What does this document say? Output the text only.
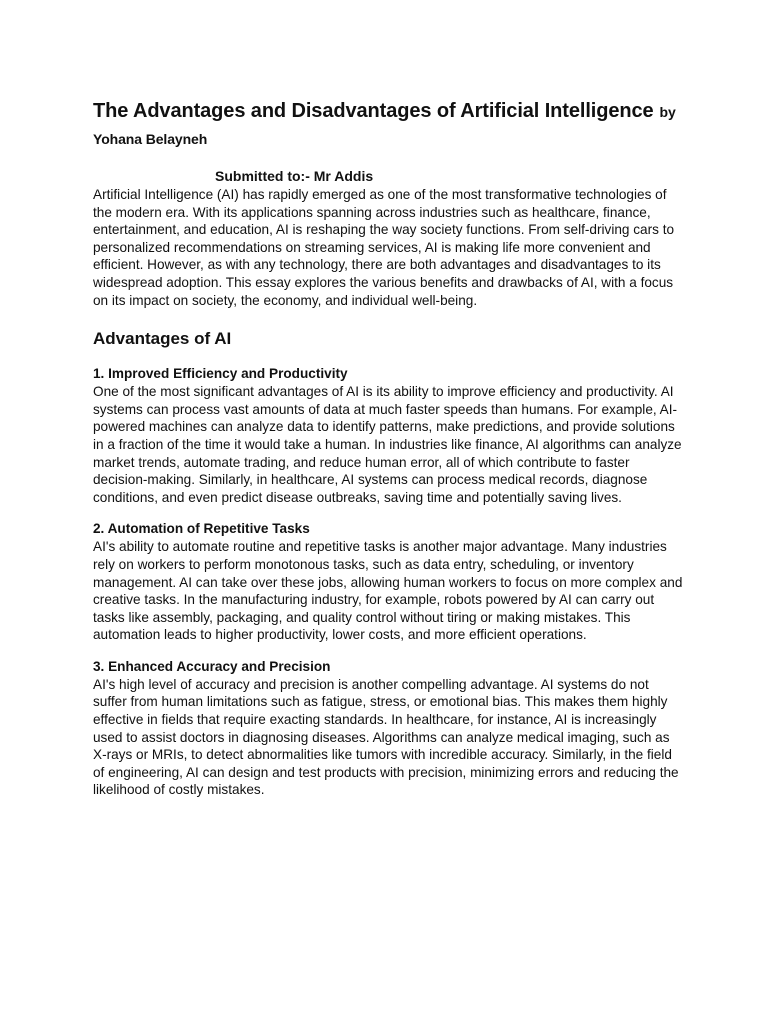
The Advantages and Disadvantages of Artificial Intelligence by Yohana Belayneh
Submitted to:- Mr Addis

Artificial Intelligence (AI) has rapidly emerged as one of the most transformative technologies of the modern era. With its applications spanning across industries such as healthcare, finance, entertainment, and education, AI is reshaping the way society functions. From self-driving cars to personalized recommendations on streaming services, AI is making life more convenient and efficient. However, as with any technology, there are both advantages and disadvantages to its widespread adoption. This essay explores the various benefits and drawbacks of AI, with a focus on its impact on society, the economy, and individual well-being.

Advantages of AI
1. Improved Efficiency and Productivity

One of the most significant advantages of AI is its ability to improve efficiency and productivity. AI systems can process vast amounts of data at much faster speeds than humans. For example, AI-powered machines can analyze data to identify patterns, make predictions, and provide solutions in a fraction of the time it would take a human. In industries like finance, AI algorithms can analyze market trends, automate trading, and reduce human error, all of which contribute to faster decision-making. Similarly, in healthcare, AI systems can process medical records, diagnose conditions, and even predict disease outbreaks, saving time and potentially saving lives.

2. Automation of Repetitive Tasks

AI's ability to automate routine and repetitive tasks is another major advantage. Many industries rely on workers to perform monotonous tasks, such as data entry, scheduling, or inventory management. AI can take over these jobs, allowing human workers to focus on more complex and creative tasks. In the manufacturing industry, for example, robots powered by AI can carry out tasks like assembly, packaging, and quality control without tiring or making mistakes. This automation leads to higher productivity, lower costs, and more efficient operations.

3. Enhanced Accuracy and Precision

AI's high level of accuracy and precision is another compelling advantage. AI systems do not suffer from human limitations such as fatigue, stress, or emotional bias. This makes them highly effective in fields that require exacting standards. In healthcare, for instance, AI is increasingly used to assist doctors in diagnosing diseases. Algorithms can analyze medical imaging, such as X-rays or MRIs, to detect abnormalities like tumors with incredible accuracy. Similarly, in the field of engineering, AI can design and test products with precision, minimizing errors and reducing the likelihood of costly mistakes.
